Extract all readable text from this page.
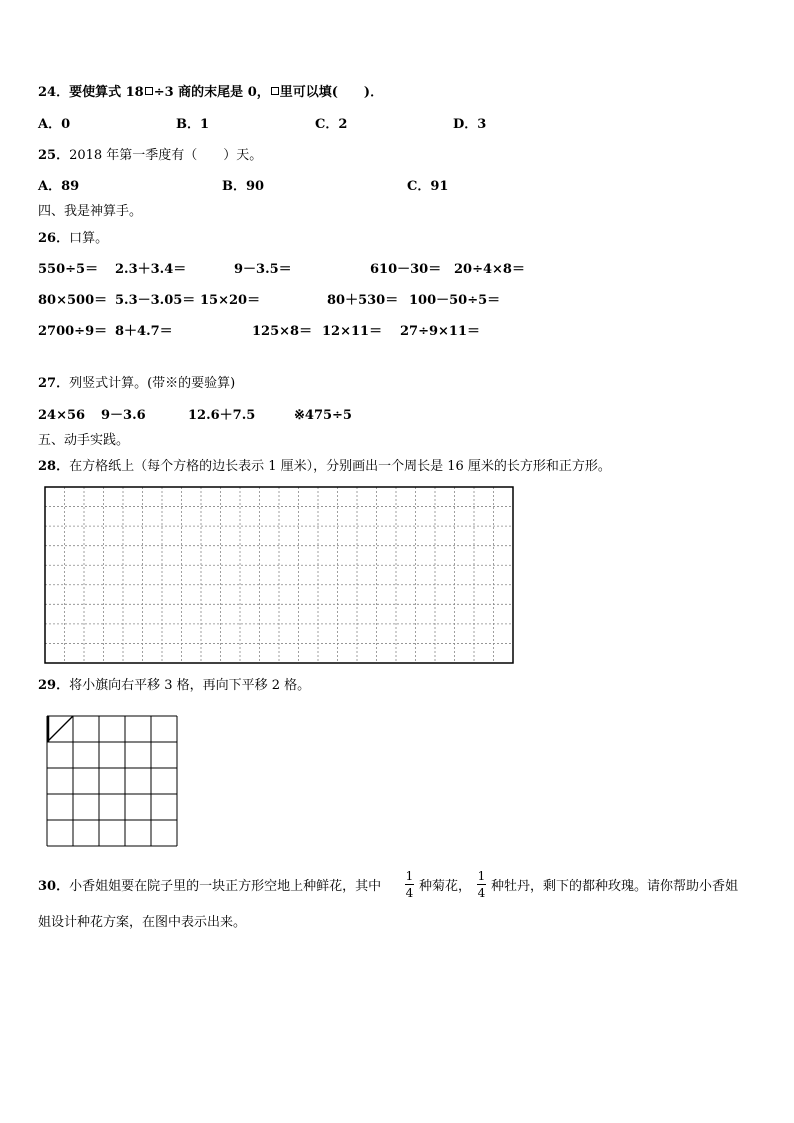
24．要使算式 18 ÷3 商的末尾是 0， 里可以填(　　)．
A．0	B．1	C．2	D．3
25．2018 年第一季度有（　　）天。
A．89	B．90	C．91
四、我是神算手。
26．口算。
550÷5＝ 2.3＋3.4＝	9－3.5＝	610－30＝ 20÷4×8＝
80×500＝ 5.3－3.05＝ 15×20＝	80＋530＝ 100－50÷5＝
2700÷9＝ 8＋4.7＝	125×8＝ 12×11＝ 27÷9×11＝
27．列竖式计算。(带※的要验算)
24×56 9－3.6	12.6＋7.5	※475÷5
五、动手实践。
28．在方格纸上（每个方格的边长表示 1 厘米），分别画出一个周长是 16 厘米的长方形和正方形。
29．将小旗向右平移 3 格，再向下平移 2 格。
30．小香姐姐要在院子里的一块正方形空地上种鲜花，其中
1
4 种菊花，
1
4 种牡丹，剩下的都种玫瑰。请你帮助小香姐
姐设计种花方案，在图中表示出来。
